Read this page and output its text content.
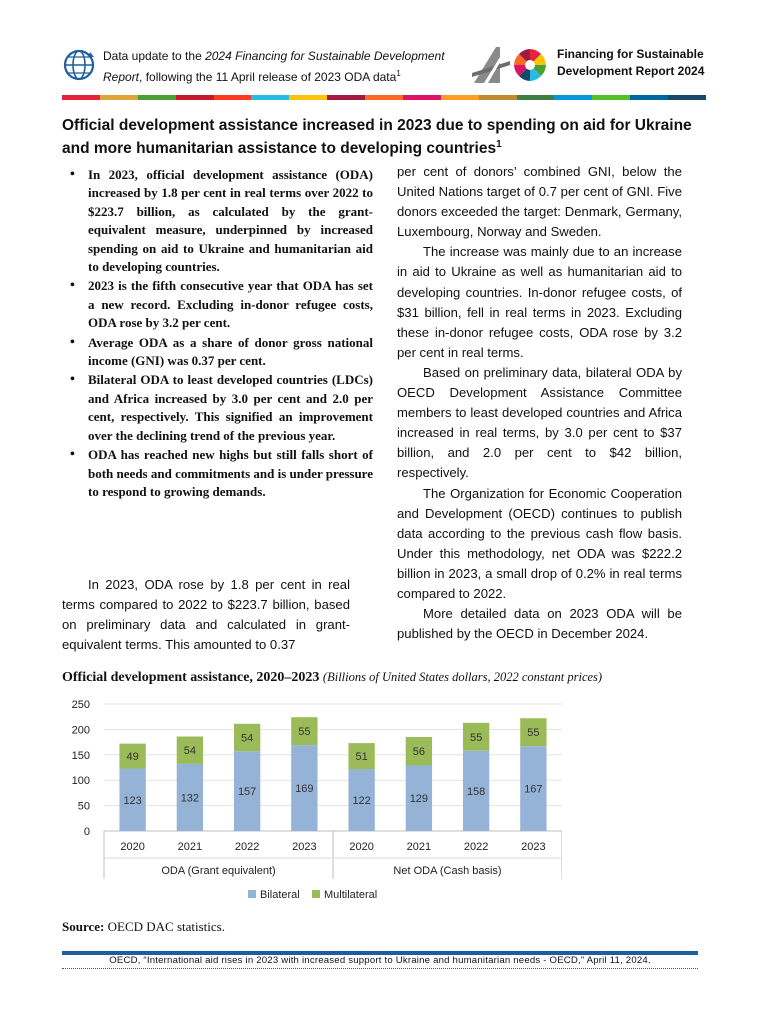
Data update to the 2024 Financing for Sustainable Development Report, following the 11 April release of 2023 ODA data$^1$
Financing for Sustainable
Development Report 2024
Official development assistance increased in 2023 due to spending on aid for Ukraine and more humanitarian assistance to developing countries$^1$
• In 2023, official development assistance (ODA) increased by 1.8 per cent in real terms over 2022 to $223.7 billion, as calculated by the grant-equivalent measure, underpinned by increased spending on aid to Ukraine and humanitarian aid to developing countries.
• 2023 is the fifth consecutive year that ODA has set a new record. Excluding in-donor refugee costs, ODA rose by 3.2 per cent.
• Average ODA as a share of donor gross national income (GNI) was 0.37 per cent.
• Bilateral ODA to least developed countries (LDCs) and Africa increased by 3.0 per cent and 2.0 per cent, respectively. This signified an improvement over the declining trend of the previous year.
• ODA has reached new highs but still falls short of both needs and commitments and is under pressure to respond to growing demands.
In 2023, ODA rose by 1.8 per cent in real terms compared to 2022 to $223.7 billion, based on preliminary data and calculated in grant-equivalent terms. This amounted to 0.37

per cent of donors’ combined GNI, below the United Nations target of 0.7 per cent of GNI. Five donors exceeded the target: Denmark, Germany, Luxembourg, Norway and Sweden.

The increase was mainly due to an increase in aid to Ukraine as well as humanitarian aid to developing countries. In-donor refugee costs, of $31 billion, fell in real terms in 2023. Excluding these in-donor refugee costs, ODA rose by 3.2 per cent in real terms.

Based on preliminary data, bilateral ODA by OECD Development Assistance Committee members to least developed countries and Africa increased in real terms, by 3.0 per cent to $37 billion, and 2.0 per cent to $42 billion, respectively.

The Organization for Economic Cooperation and Development (OECD) continues to publish data according to the previous cash flow basis. Under this methodology, net ODA was $222.2 billion in 2023, a small drop of 0.2% in real terms compared to 2022.

More detailed data on 2023 ODA will be published by the OECD in December 2024.

Official development assistance, 2020–2023 (Billions of United States dollars, 2022 constant prices)
0
50
100
150
200
250
123
49
2020
132
54
2021
157
54
2022
169
55
2023
122
51
2020
129
56
2021
158
55
2022
167
55
2023
ODA (Grant equivalent)	Net ODA (Cash basis)
Bilateral Multilateral
Source: OECD DAC statistics.
OECD, “International aid rises in 2023 with increased support to Ukraine and humanitarian needs - OECD,” April 11, 2024.
